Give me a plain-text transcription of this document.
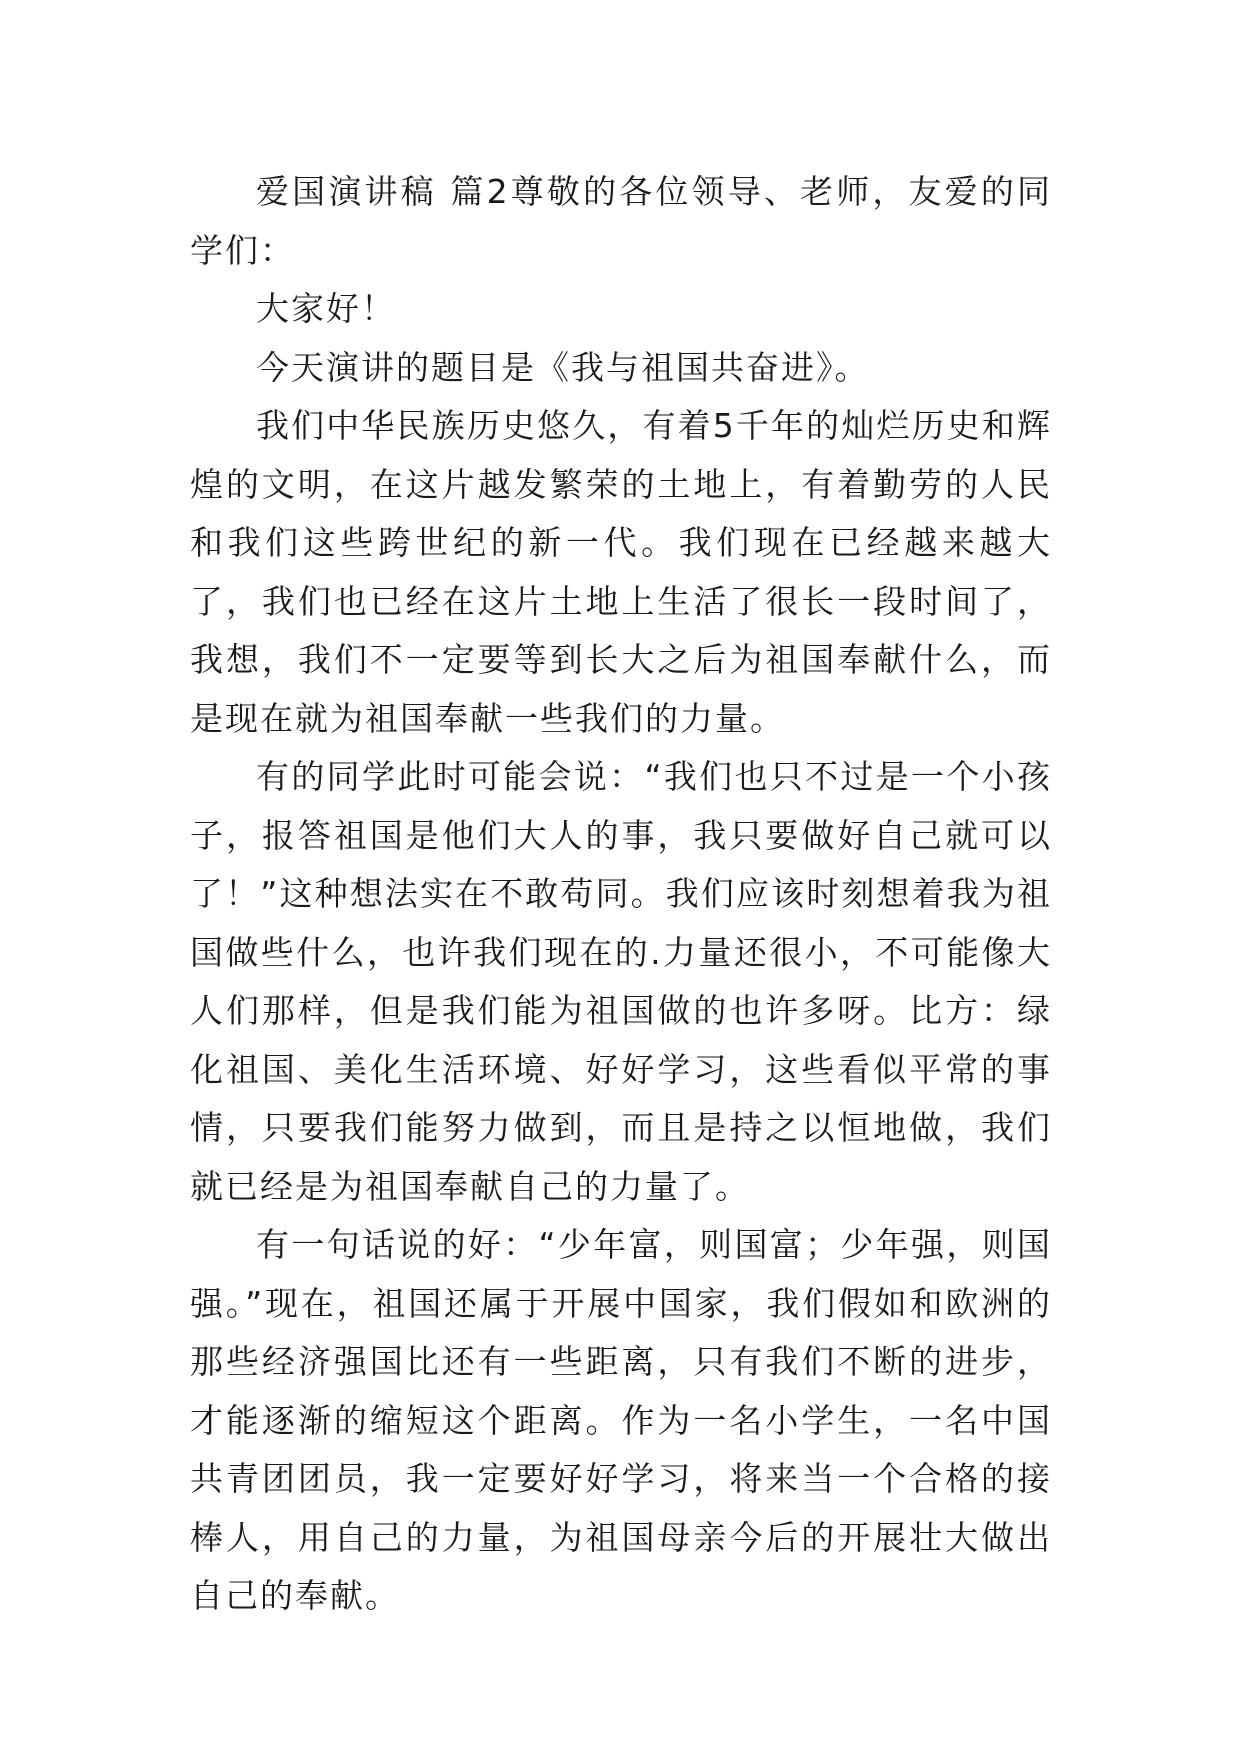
爱国演讲稿 篇2尊敬的各位领导、老师，友爱的同学们：

大家好！

今天演讲的题目是《我与祖国共奋进》。

我们中华民族历史悠久，有着5千年的灿烂历史和辉煌的文明，在这片越发繁荣的土地上，有着勤劳的人民和我们这些跨世纪的新一代。我们现在已经越来越大了，我们也已经在这片土地上生活了很长一段时间了，我想，我们不一定要等到长大之后为祖国奉献什么，而是现在就为祖国奉献一些我们的力量。

有的同学此时可能会说：“我们也只不过是一个小孩子，报答祖国是他们大人的事，我只要做好自己就可以了！”这种想法实在不敢苟同。我们应该时刻想着我为祖国做些什么，也许我们现在的.力量还很小，不可能像大人们那样，但是我们能为祖国做的也许多呀。比方：绿化祖国、美化生活环境、好好学习，这些看似平常的事情，只要我们能努力做到，而且是持之以恒地做，我们就已经是为祖国奉献自己的力量了。

有一句话说的好：“少年富，则国富；少年强，则国强。”现在，祖国还属于开展中国家，我们假如和欧洲的那些经济强国比还有一些距离，只有我们不断的进步，才能逐渐的缩短这个距离。作为一名小学生，一名中国共青团团员，我一定要好好学习，将来当一个合格的接棒人，用自己的力量，为祖国母亲今后的开展壮大做出自己的奉献。
